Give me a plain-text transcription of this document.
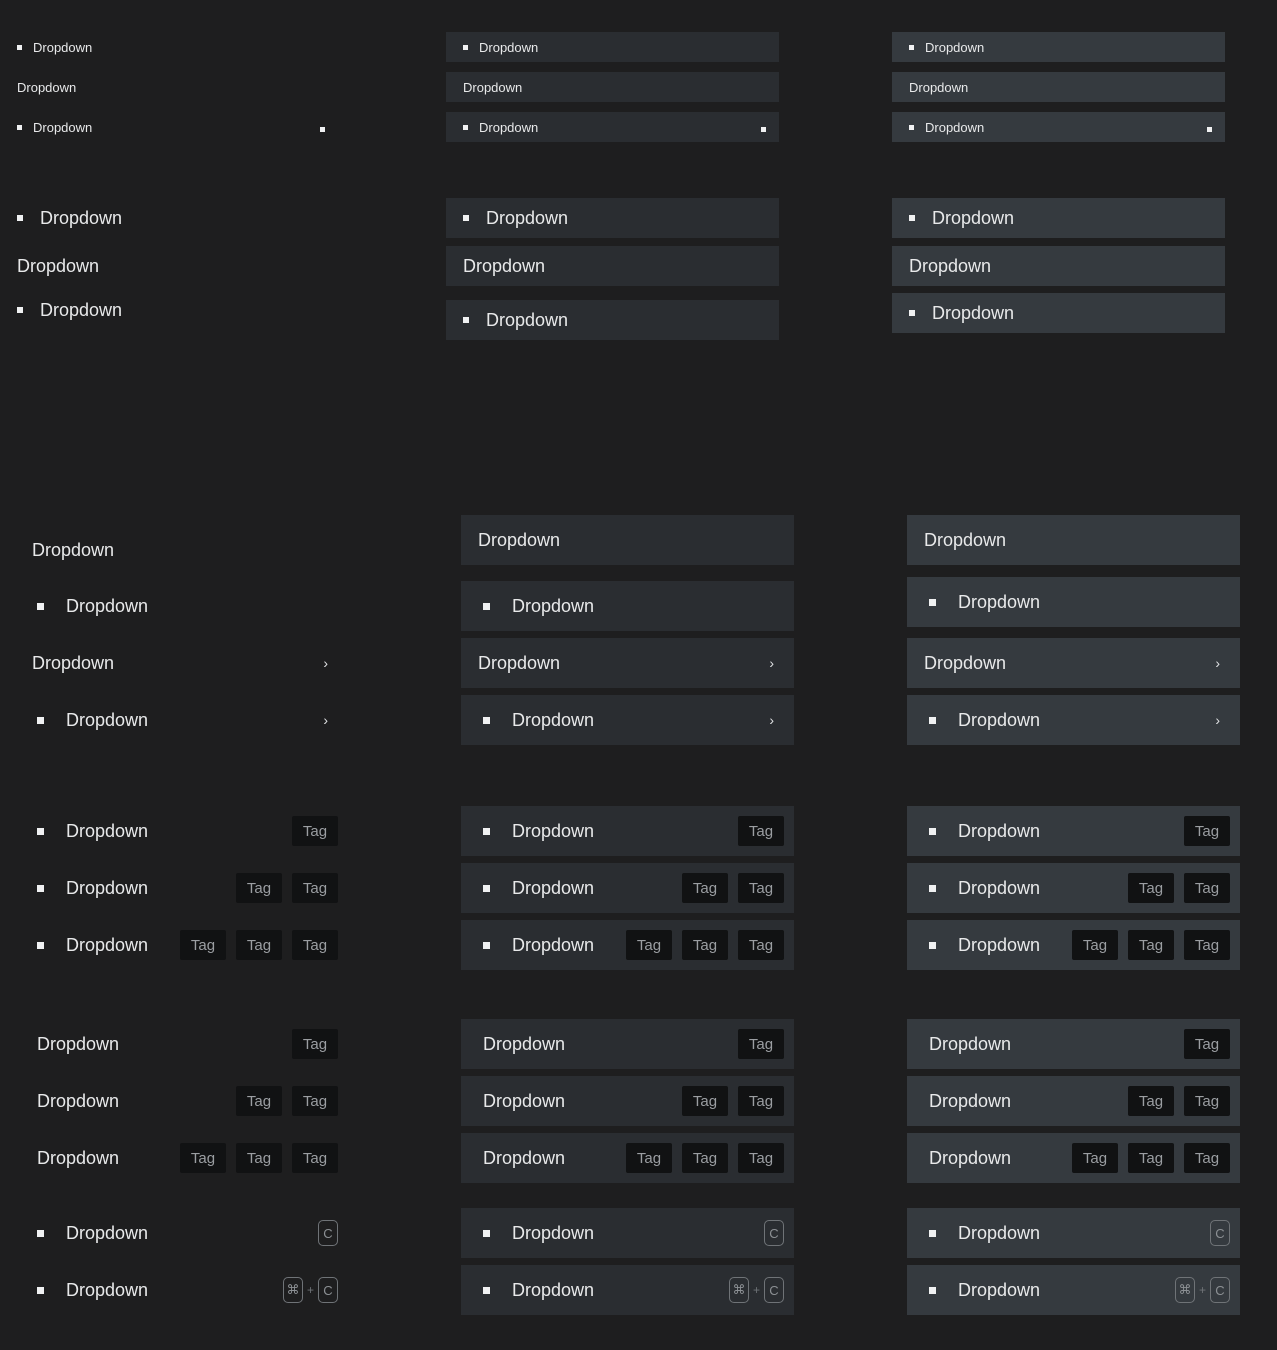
Dropdown	Dropdown	Dropdown
Dropdown	Dropdown	Dropdown
Dropdown	Dropdown	Dropdown
Dropdown	Dropdown	Dropdown
Dropdown	Dropdown	Dropdown
Dropdown	Dropdown	Dropdown
Dropdown	Dropdown	Dropdown
Dropdown	Dropdown	Dropdown
Dropdown	›	Dropdown	›	Dropdown	›
Dropdown	›	Dropdown	›	Dropdown	›
Dropdown	Tag	Dropdown	Tag	Dropdown	Tag
Dropdown	Tag	Tag	Dropdown	Tag	Tag	Dropdown	Tag	Tag
Dropdown	Tag	Tag	Tag	Dropdown	Tag	Tag	Tag	Dropdown	Tag	Tag	Tag
Dropdown	Tag	Dropdown	Tag	Dropdown	Tag
Dropdown	Tag	Tag	Dropdown	Tag	Tag	Dropdown	Tag	Tag
Dropdown	Tag	Tag	Tag	Dropdown	Tag	Tag	Tag	Dropdown	Tag	Tag	Tag
Dropdown	C	Dropdown	C	Dropdown	C
Dropdown	⌘ + C	Dropdown	⌘ + C	Dropdown	⌘ + C
